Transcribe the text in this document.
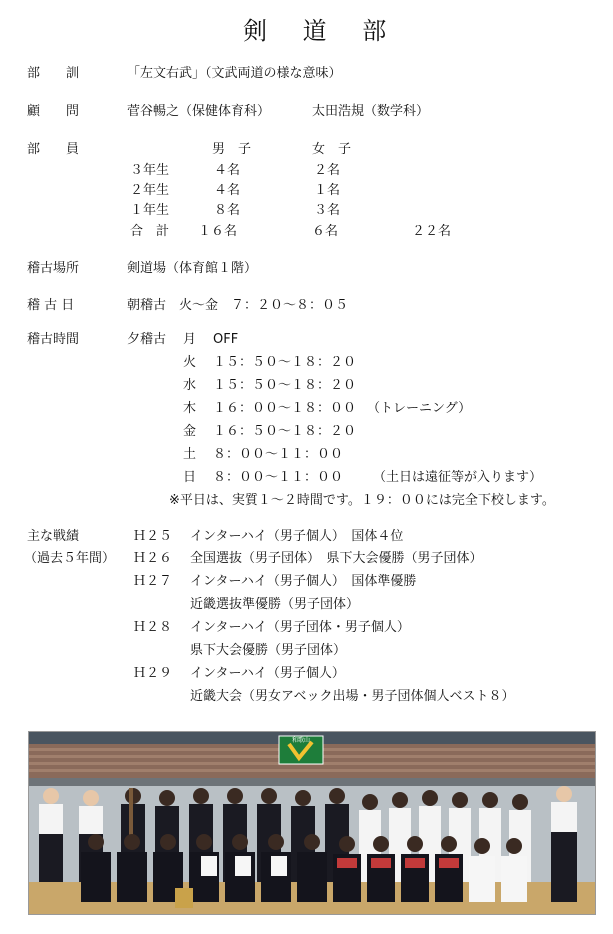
剣 道 部
部　　訓	「左文右武」（文武両道の様な意味）
顧　　問	菅谷暢之（保健体育科）	太田浩規（数学科）
部　　員	男　子	女　子
３年生	４名	２名
２年生	４名	１名
１年生	８名	３名
合　計 １６名	６名	２２名
稽古場所	剣道場（体育館１階）
稽 古 日	朝稽古　火～金　７：２０～８：０５
稽古時間	夕稽古 月 OFF
火 １５：５０～１８：２０
水 １５：５０～１８：２０
木 １６：００～１８：００ （トレーニング）
金 １６：５０～１８：２０
土 ８：００～１１：００
日 ８：００～１１：００ （土日は遠征等が入ります）
※平日は、実質１～２時間です。１９：００には完全下校します。
主な戦績
（過去５年間）
Ｈ２５ インターハイ（男子個人）　国体４位
Ｈ２６ 全国選抜（男子団体）　県下大会優勝（男子団体）
Ｈ２７ インターハイ（男子個人）　国体準優勝
近畿選抜準優勝（男子団体）
Ｈ２８ インターハイ（男子団体・男子個人）
県下大会優勝（男子団体）
Ｈ２９ インターハイ（男子個人）
近畿大会（男女アベック出場・男子団体個人ベスト８）
和歌山
